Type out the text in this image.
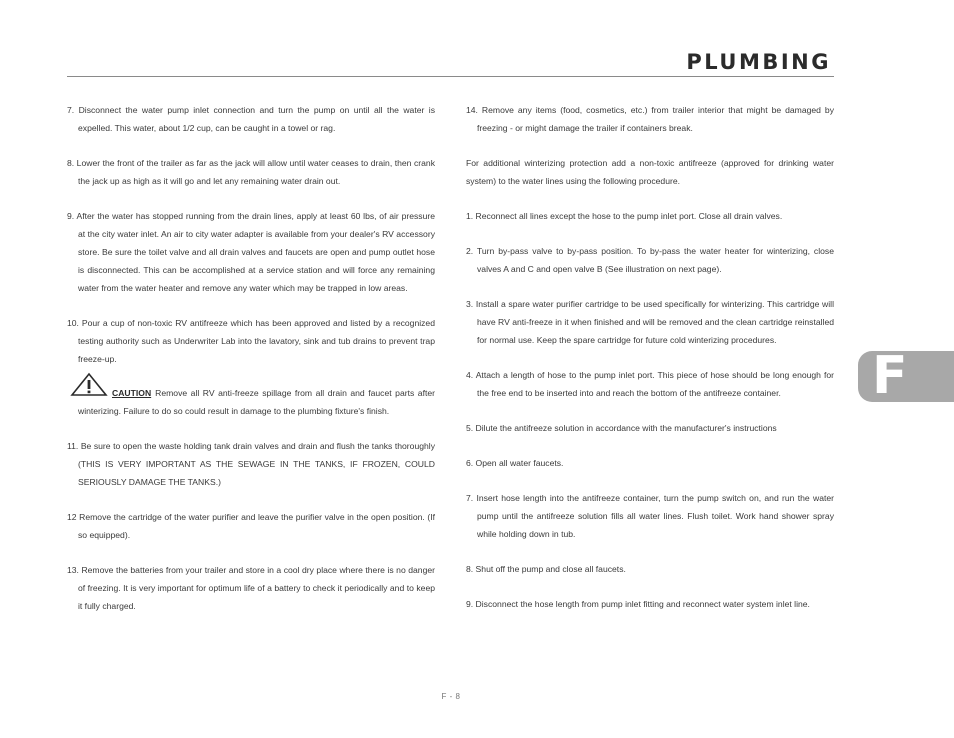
PLUMBING

7. Disconnect the water pump inlet connection and turn the pump on until all the water is expelled. This water, about 1/2 cup, can be caught in a towel or rag.

8. Lower the front of the trailer as far as the jack will allow until water ceases to drain, then crank the jack up as high as it will go and let any remaining water drain out.

9. After the water has stopped running from the drain lines, apply at least 60 lbs, of air pressure at the city water inlet. An air to city water adapter is available from your dealer's RV accessory store. Be sure the toilet valve and all drain valves and faucets are open and pump outlet hose is disconnected. This can be accomplished at a service station and will force any remaining water from the water heater and remove any water which may be trapped in low areas.

10. Pour a cup of non-toxic RV antifreeze which has been approved and listed by a recognized testing authority such as Underwriter Lab into the lavatory, sink and tub drains to prevent trap freeze-up.

CAUTION Remove all RV anti-freeze spillage from all drain and faucet parts after winterizing. Failure to do so could result in damage to the plumbing fixture's finish.

11. Be sure to open the waste holding tank drain valves and drain and flush the tanks thoroughly (THIS IS VERY IMPORTANT AS THE SEWAGE IN THE TANKS, IF FROZEN, COULD SERIOUSLY DAMAGE THE TANKS.)

12 Remove the cartridge of the water purifier and leave the purifier valve in the open position. (If so equipped).

13. Remove the batteries from your trailer and store in a cool dry place where there is no danger of freezing. It is very important for optimum life of a battery to check it periodically and to keep it fully charged.

14. Remove any items (food, cosmetics, etc.) from trailer interior that might be damaged by freezing - or might damage the trailer if containers break.

For additional winterizing protection add a non-toxic antifreeze (approved for drinking water system) to the water lines using the following procedure.

1. Reconnect all lines except the hose to the pump inlet port. Close all drain valves.

2. Turn by-pass valve to by-pass position. To by-pass the water heater for winterizing, close valves A and C and open valve B (See illustration on next page).

3. Install a spare water purifier cartridge to be used specifically for winterizing. This cartridge will have RV anti-freeze in it when finished and will be removed and the clean cartridge reinstalled for normal use. Keep the spare cartridge for future cold winterizing procedures.

4. Attach a length of hose to the pump inlet port. This piece of hose should be long enough for the free end to be inserted into and reach the bottom of the antifreeze container.

5. Dilute the antifreeze solution in accordance with the manufacturer's instructions

6. Open all water faucets.

7. Insert hose length into the antifreeze container, turn the pump switch on, and run the water pump until the antifreeze solution fills all water lines. Flush toilet. Work hand shower spray while holding down in tub.

8. Shut off the pump and close all faucets.

9. Disconnect the hose length from pump inlet fitting and reconnect water system inlet line.

F
F - 8
